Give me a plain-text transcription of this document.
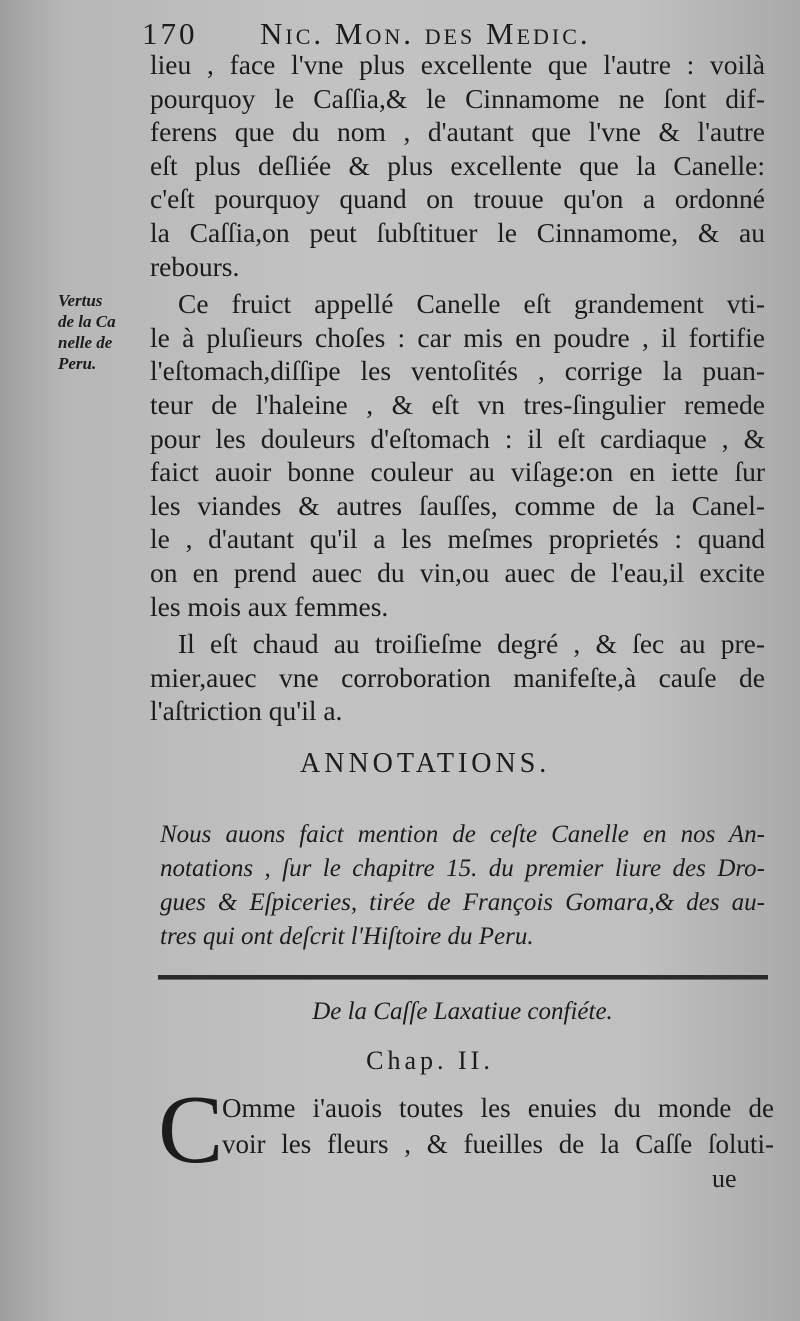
170 Nic. Mon. des Medic.
Vertus
de la Ca
nelle de
Peru.
lieu , face l'vne plus excellente que l'autre : voilà
pourquoy le Caſſia,& le Cinnamome ne ſont dif-
ferens que du nom , d'autant que l'vne & l'autre
eſt plus deſliée & plus excellente que la Canelle:
c'eſt pourquoy quand on trouue qu'on a ordonné
la Caſſia,on peut ſubſtituer le Cinnamome, & au
rebours.
Ce fruict appellé Canelle eſt grandement vti-
le à pluſieurs choſes : car mis en poudre , il fortifie
l'eſtomach,diſſipe les ventoſités , corrige la puan-
teur de l'haleine , & eſt vn tres-ſingulier remede
pour les douleurs d'eſtomach : il eſt cardiaque , &
faict auoir bonne couleur au viſage:on en iette ſur
les viandes & autres ſauſſes, comme de la Canel-
le , d'autant qu'il a les meſmes proprietés : quand
on en prend auec du vin,ou auec de l'eau,il excite
les mois aux femmes.
Il eſt chaud au troiſieſme degré , & ſec au pre-
mier,auec vne corroboration manifeſte,à cauſe de
l'aſtriction qu'il a.
ANNOTATIONS.
Nous auons faict mention de ceſte Canelle en nos An-
notations , ſur le chapitre 15. du premier liure des Dro-
gues & Eſpiceries, tirée de François Gomara,& des au-
tres qui ont deſcrit l'Hiſtoire du Peru.
De la Caſſe Laxatiue confiéte.
Chap. II.
C
Omme i'auois toutes les enuies du monde de
voir les fleurs , & fueilles de la Caſſe ſoluti-
ue
